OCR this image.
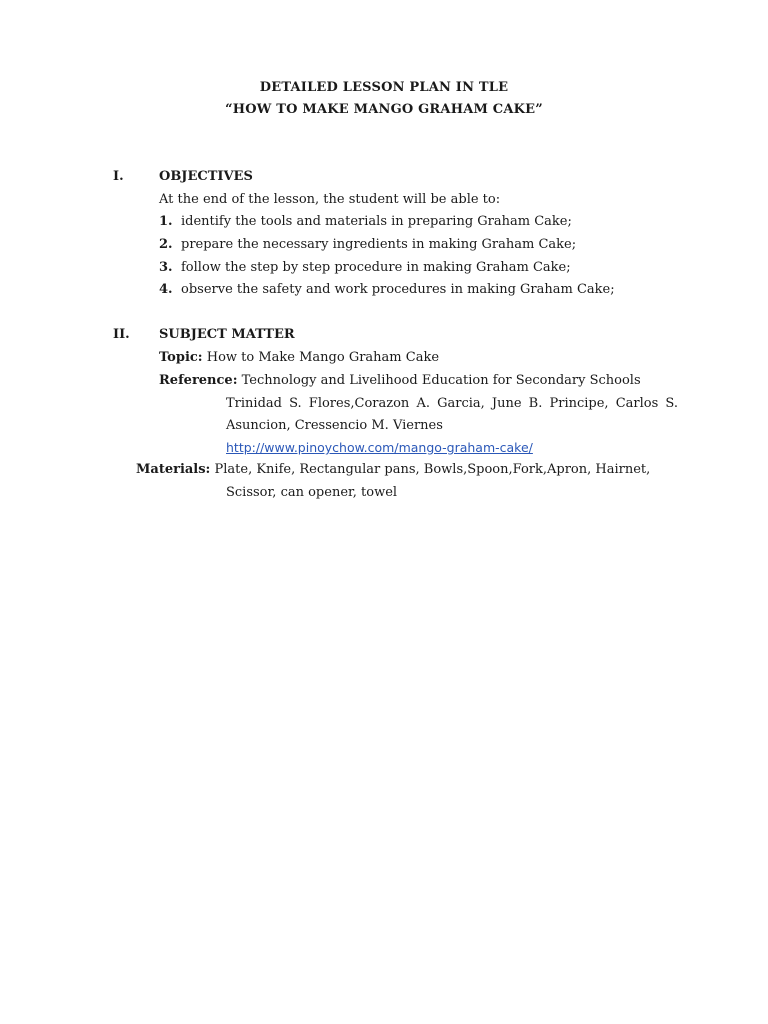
DETAILED LESSON PLAN IN TLE
“HOW TO MAKE MANGO GRAHAM CAKE”
I.	OBJECTIVES
At the end of the lesson, the student will be able to:
1. identify the tools and materials in preparing Graham Cake;
2. prepare the necessary ingredients in making Graham Cake;
3. follow the step by step procedure in making Graham Cake;
4. observe the safety and work procedures in making Graham Cake;
II. SUBJECT MATTER
Topic: How to Make Mango Graham Cake
Reference: Technology and Livelihood Education for Secondary Schools
Trinidad S. Flores,Corazon A. Garcia, June B. Principe, Carlos S.
Asuncion, Cressencio M. Viernes
http://www.pinoychow.com/mango-graham-cake/
Materials: Plate, Knife, Rectangular pans, Bowls,Spoon,Fork,Apron, Hairnet,
Scissor, can opener, towel
